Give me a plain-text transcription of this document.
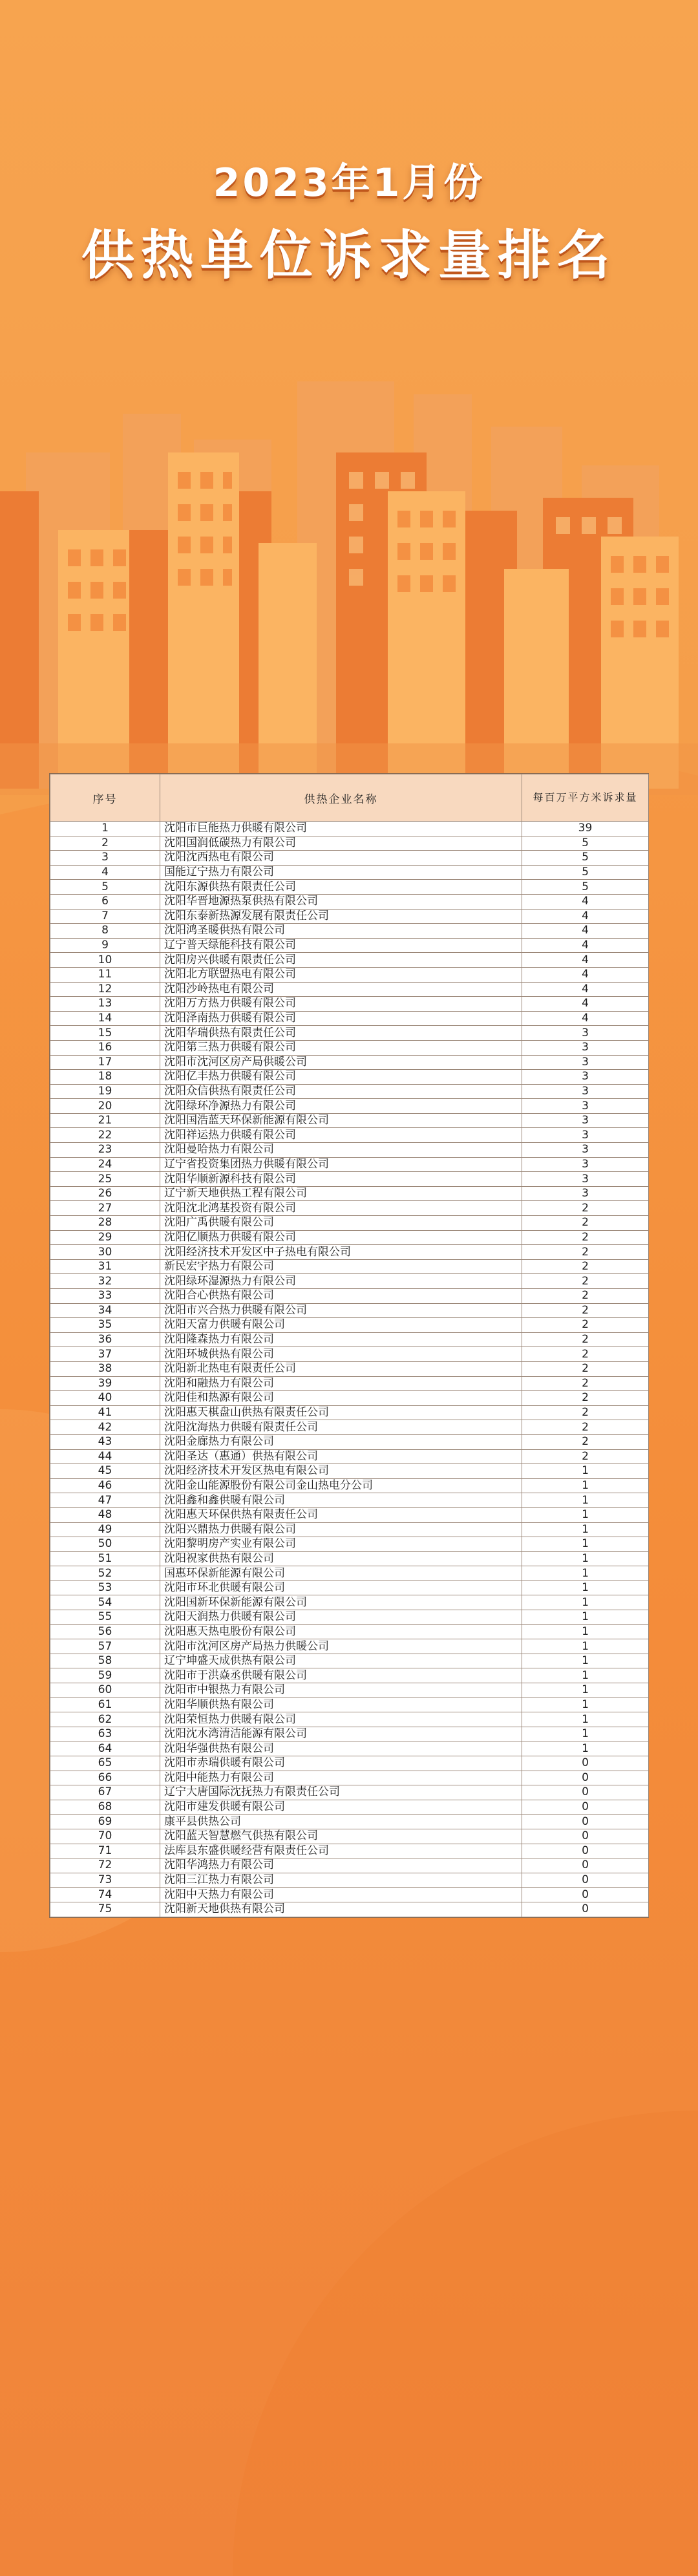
2023年1月份
供热单位诉求量排名
序号	供热企业名称	每百万平方米诉求量
1	沈阳市巨能热力供暖有限公司	39
2	沈阳国润低碳热力有限公司	5
3	沈阳沈西热电有限公司	5
4	国能辽宁热力有限公司	5
5	沈阳东源供热有限责任公司	5
6	沈阳华晋地源热泵供热有限公司	4
7	沈阳东泰新热源发展有限责任公司	4
8	沈阳鸿圣暖供热有限公司	4
9	辽宁普天绿能科技有限公司	4
10	沈阳房兴供暖有限责任公司	4
11	沈阳北方联盟热电有限公司	4
12	沈阳沙岭热电有限公司	4
13	沈阳万方热力供暖有限公司	4
14	沈阳泽南热力供暖有限公司	4
15	沈阳华瑞供热有限责任公司	3
16	沈阳第三热力供暖有限公司	3
17	沈阳市沈河区房产局供暖公司	3
18	沈阳亿丰热力供暖有限公司	3
19	沈阳众信供热有限责任公司	3
20	沈阳绿环净源热力有限公司	3
21	沈阳国浩蓝天环保新能源有限公司	3
22	沈阳祥运热力供暖有限公司	3
23	沈阳曼哈热力有限公司	3
24	辽宁省投资集团热力供暖有限公司	3
25	沈阳华顺新源科技有限公司	3
26	辽宁新天地供热工程有限公司	3
27	沈阳沈北鸿基投资有限公司	2
28	沈阳广禹供暖有限公司	2
29	沈阳亿顺热力供暖有限公司	2
30	沈阳经济技术开发区中子热电有限公司	2
31	新民宏宇热力有限公司	2
32	沈阳绿环湿源热力有限公司	2
33	沈阳合心供热有限公司	2
34	沈阳市兴合热力供暖有限公司	2
35	沈阳天富力供暖有限公司	2
36	沈阳隆森热力有限公司	2
37	沈阳环城供热有限公司	2
38	沈阳新北热电有限责任公司	2
39	沈阳和融热力有限公司	2
40	沈阳佳和热源有限公司	2
41	沈阳惠天棋盘山供热有限责任公司	2
42	沈阳沈海热力供暖有限责任公司	2
43	沈阳金廊热力有限公司	2
44	沈阳圣达（惠通）供热有限公司	2
45	沈阳经济技术开发区热电有限公司	1
46	沈阳金山能源股份有限公司金山热电分公司	1
47	沈阳鑫和鑫供暖有限公司	1
48	沈阳惠天环保供热有限责任公司	1
49	沈阳兴鼎热力供暖有限公司	1
50	沈阳黎明房产实业有限公司	1
51	沈阳祝家供热有限公司	1
52	国惠环保新能源有限公司	1
53	沈阳市环北供暖有限公司	1
54	沈阳国新环保新能源有限公司	1
55	沈阳天润热力供暖有限公司	1
56	沈阳惠天热电股份有限公司	1
57	沈阳市沈河区房产局热力供暖公司	1
58	辽宁坤盛天成供热有限公司	1
59	沈阳市于洪焱丞供暖有限公司	1
60	沈阳市中银热力有限公司	1
61	沈阳华顺供热有限公司	1
62	沈阳荣恒热力供暖有限公司	1
63	沈阳沈水湾清洁能源有限公司	1
64	沈阳华强供热有限公司	1
65	沈阳市赤瑞供暖有限公司	0
66	沈阳中能热力有限公司	0
67	辽宁大唐国际沈抚热力有限责任公司	0
68	沈阳市建发供暖有限公司	0
69	康平县供热公司	0
70	沈阳蓝天智慧燃气供热有限公司	0
71	法库县东盛供暖经营有限责任公司	0
72	沈阳华鸿热力有限公司	0
73	沈阳三江热力有限公司	0
74	沈阳中天热力有限公司	0
75	沈阳新天地供热有限公司	0
